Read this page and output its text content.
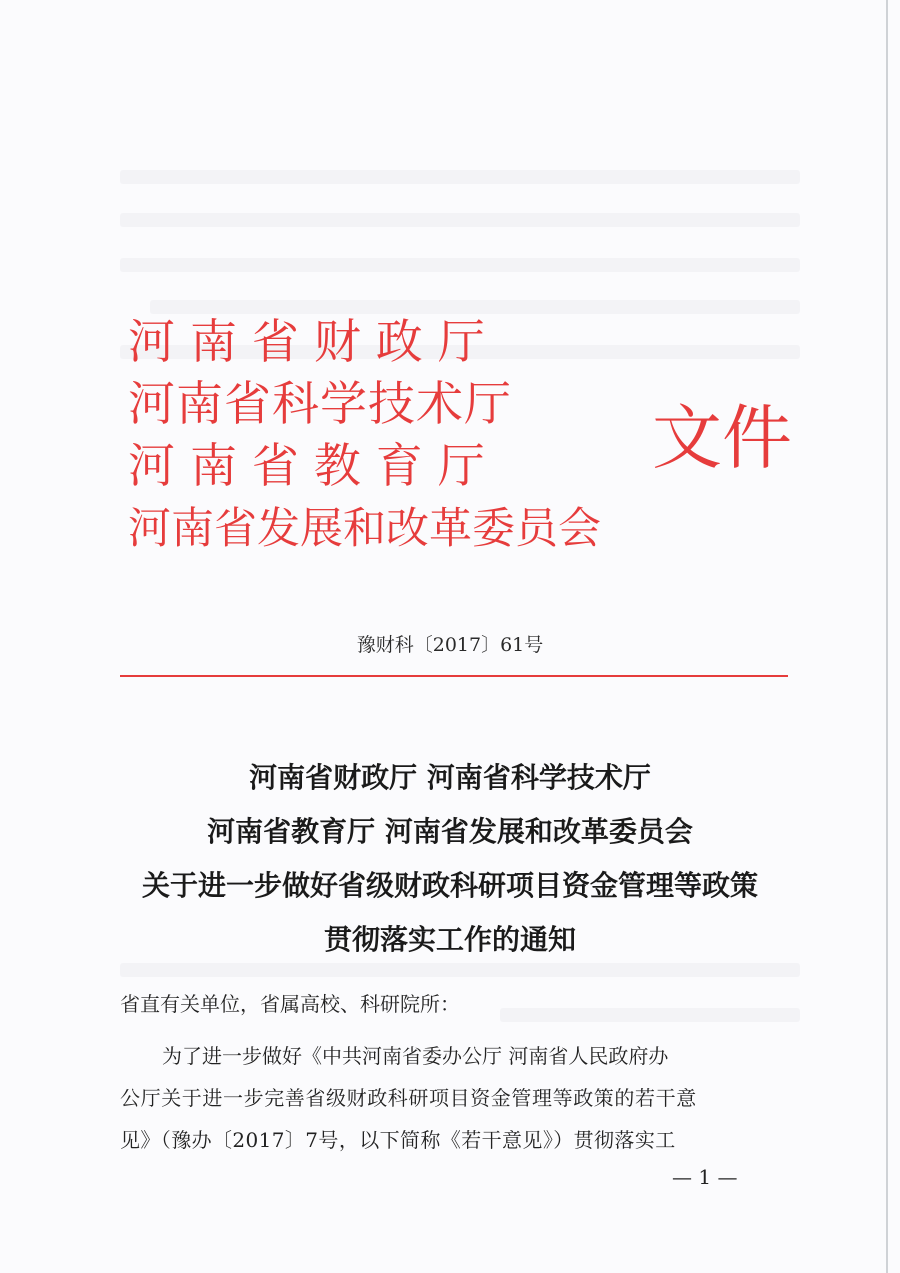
河 南 省 财 政 厅
河南省科学技术厅
河 南 省 教 育 厅
河南省发展和改革委员会
文件
豫财科〔2017〕61号
河南省财政厅 河南省科学技术厅
河南省教育厅 河南省发展和改革委员会
关于进一步做好省级财政科研项目资金管理等政策
贯彻落实工作的通知
省直有关单位，省属高校、科研院所：
为了进一步做好《中共河南省委办公厅 河南省人民政府办
公厅关于进一步完善省级财政科研项目资金管理等政策的若干意
见》（豫办〔2017〕7号，以下简称《若干意见》）贯彻落实工
— 1 —
